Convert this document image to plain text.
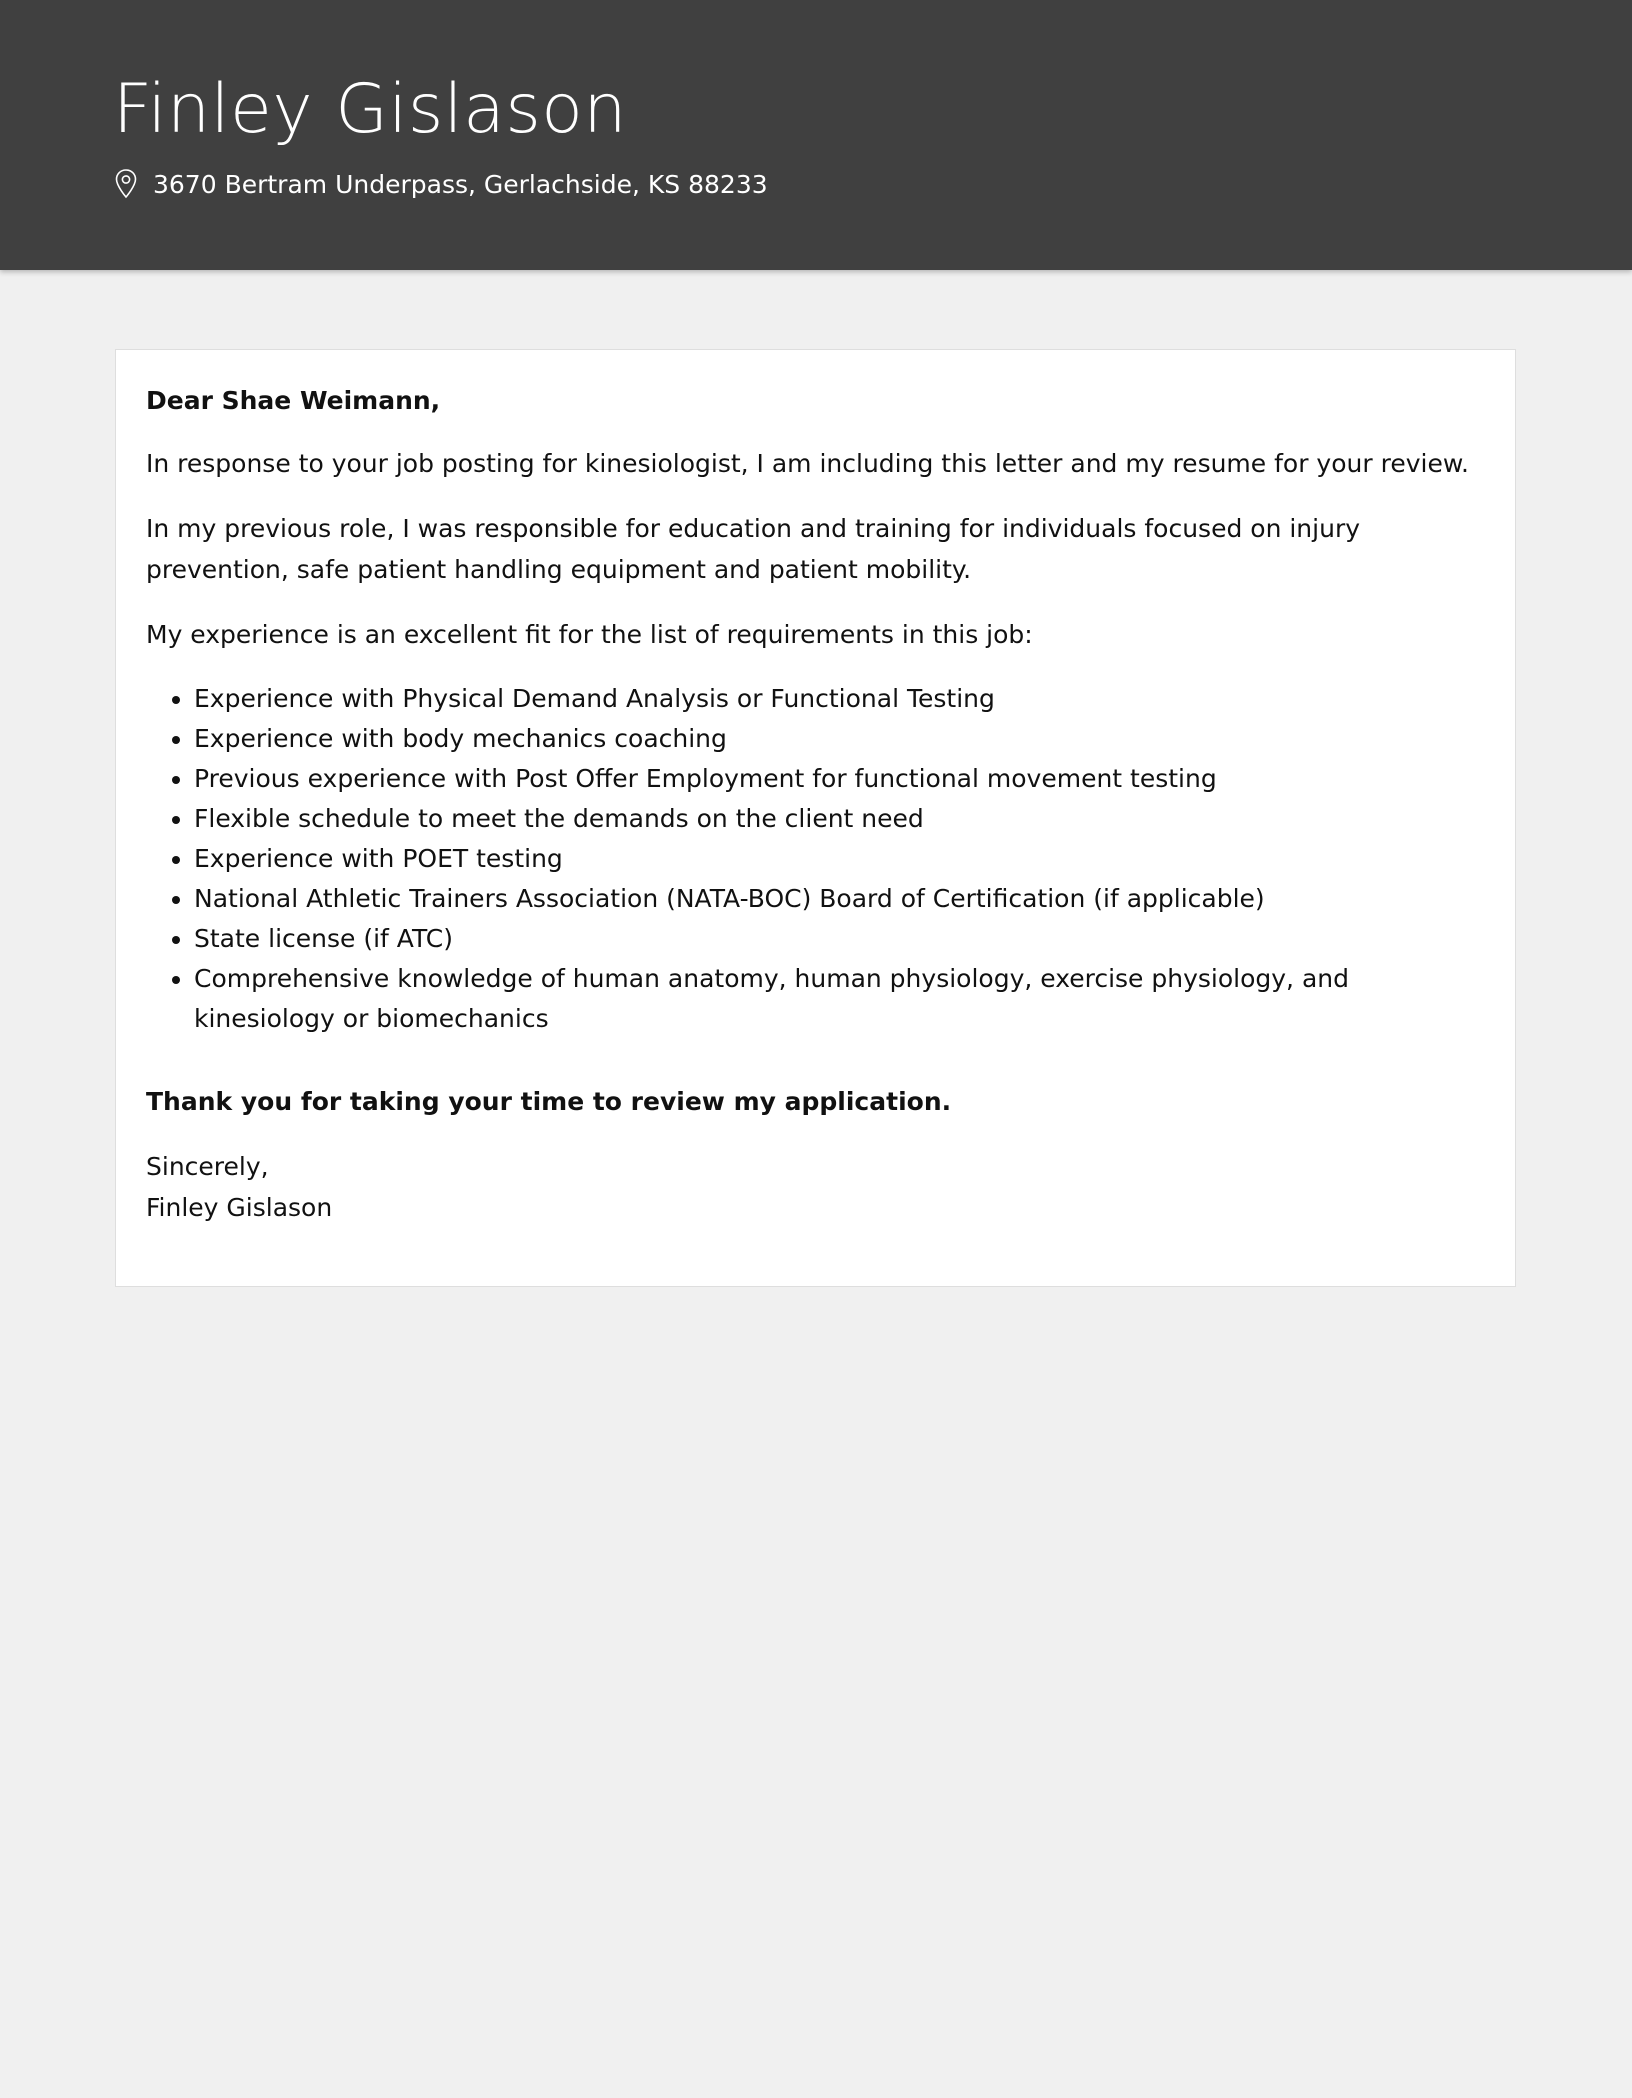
Finley Gislason
3670 Bertram Underpass, Gerlachside, KS 88233

Dear Shae Weimann,

In response to your job posting for kinesiologist, I am including this letter and my resume for your review.

In my previous role, I was responsible for education and training for individuals focused on injury prevention, safe patient handling equipment and patient mobility.

My experience is an excellent fit for the list of requirements in this job:

• Experience with Physical Demand Analysis or Functional Testing
• Experience with body mechanics coaching
• Previous experience with Post Offer Employment for functional movement testing
• Flexible schedule to meet the demands on the client need
• Experience with POET testing
• National Athletic Trainers Association (NATA-BOC) Board of Certification (if applicable)
• State license (if ATC)
• Comprehensive knowledge of human anatomy, human physiology, exercise physiology, and kinesiology or biomechanics

Thank you for taking your time to review my application.

Sincerely,
Finley Gislason
